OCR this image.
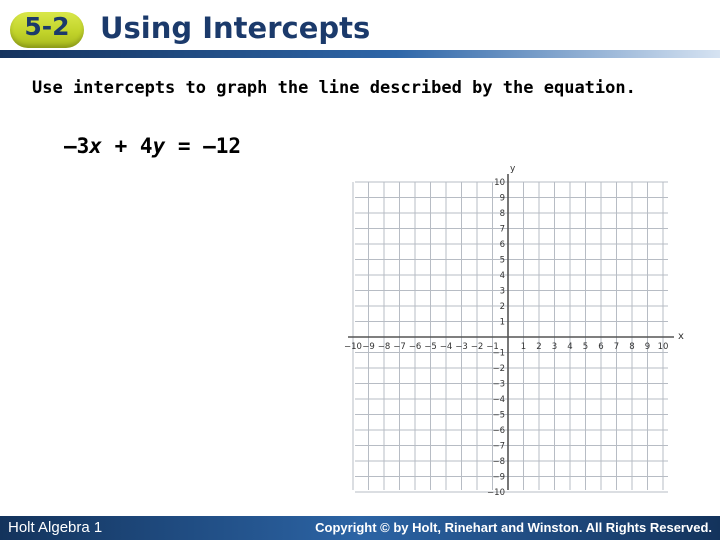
5-2	Using Intercepts
Use intercepts to graph the line described by the equation.
–3x + 4y = –12
−10 −9 −8 −7 −6 −5 −4 −3 −2 −1	1 2 3 4 5 6 7 8 9 10
10
9
8
7
6
5
4
3
2
1
−1
−2
−3
−4
−5
−6
−7
−8
−9
−10
x
y
Holt Algebra 1	Copyright © by Holt, Rinehart and Winston. All Rights Reserved.
